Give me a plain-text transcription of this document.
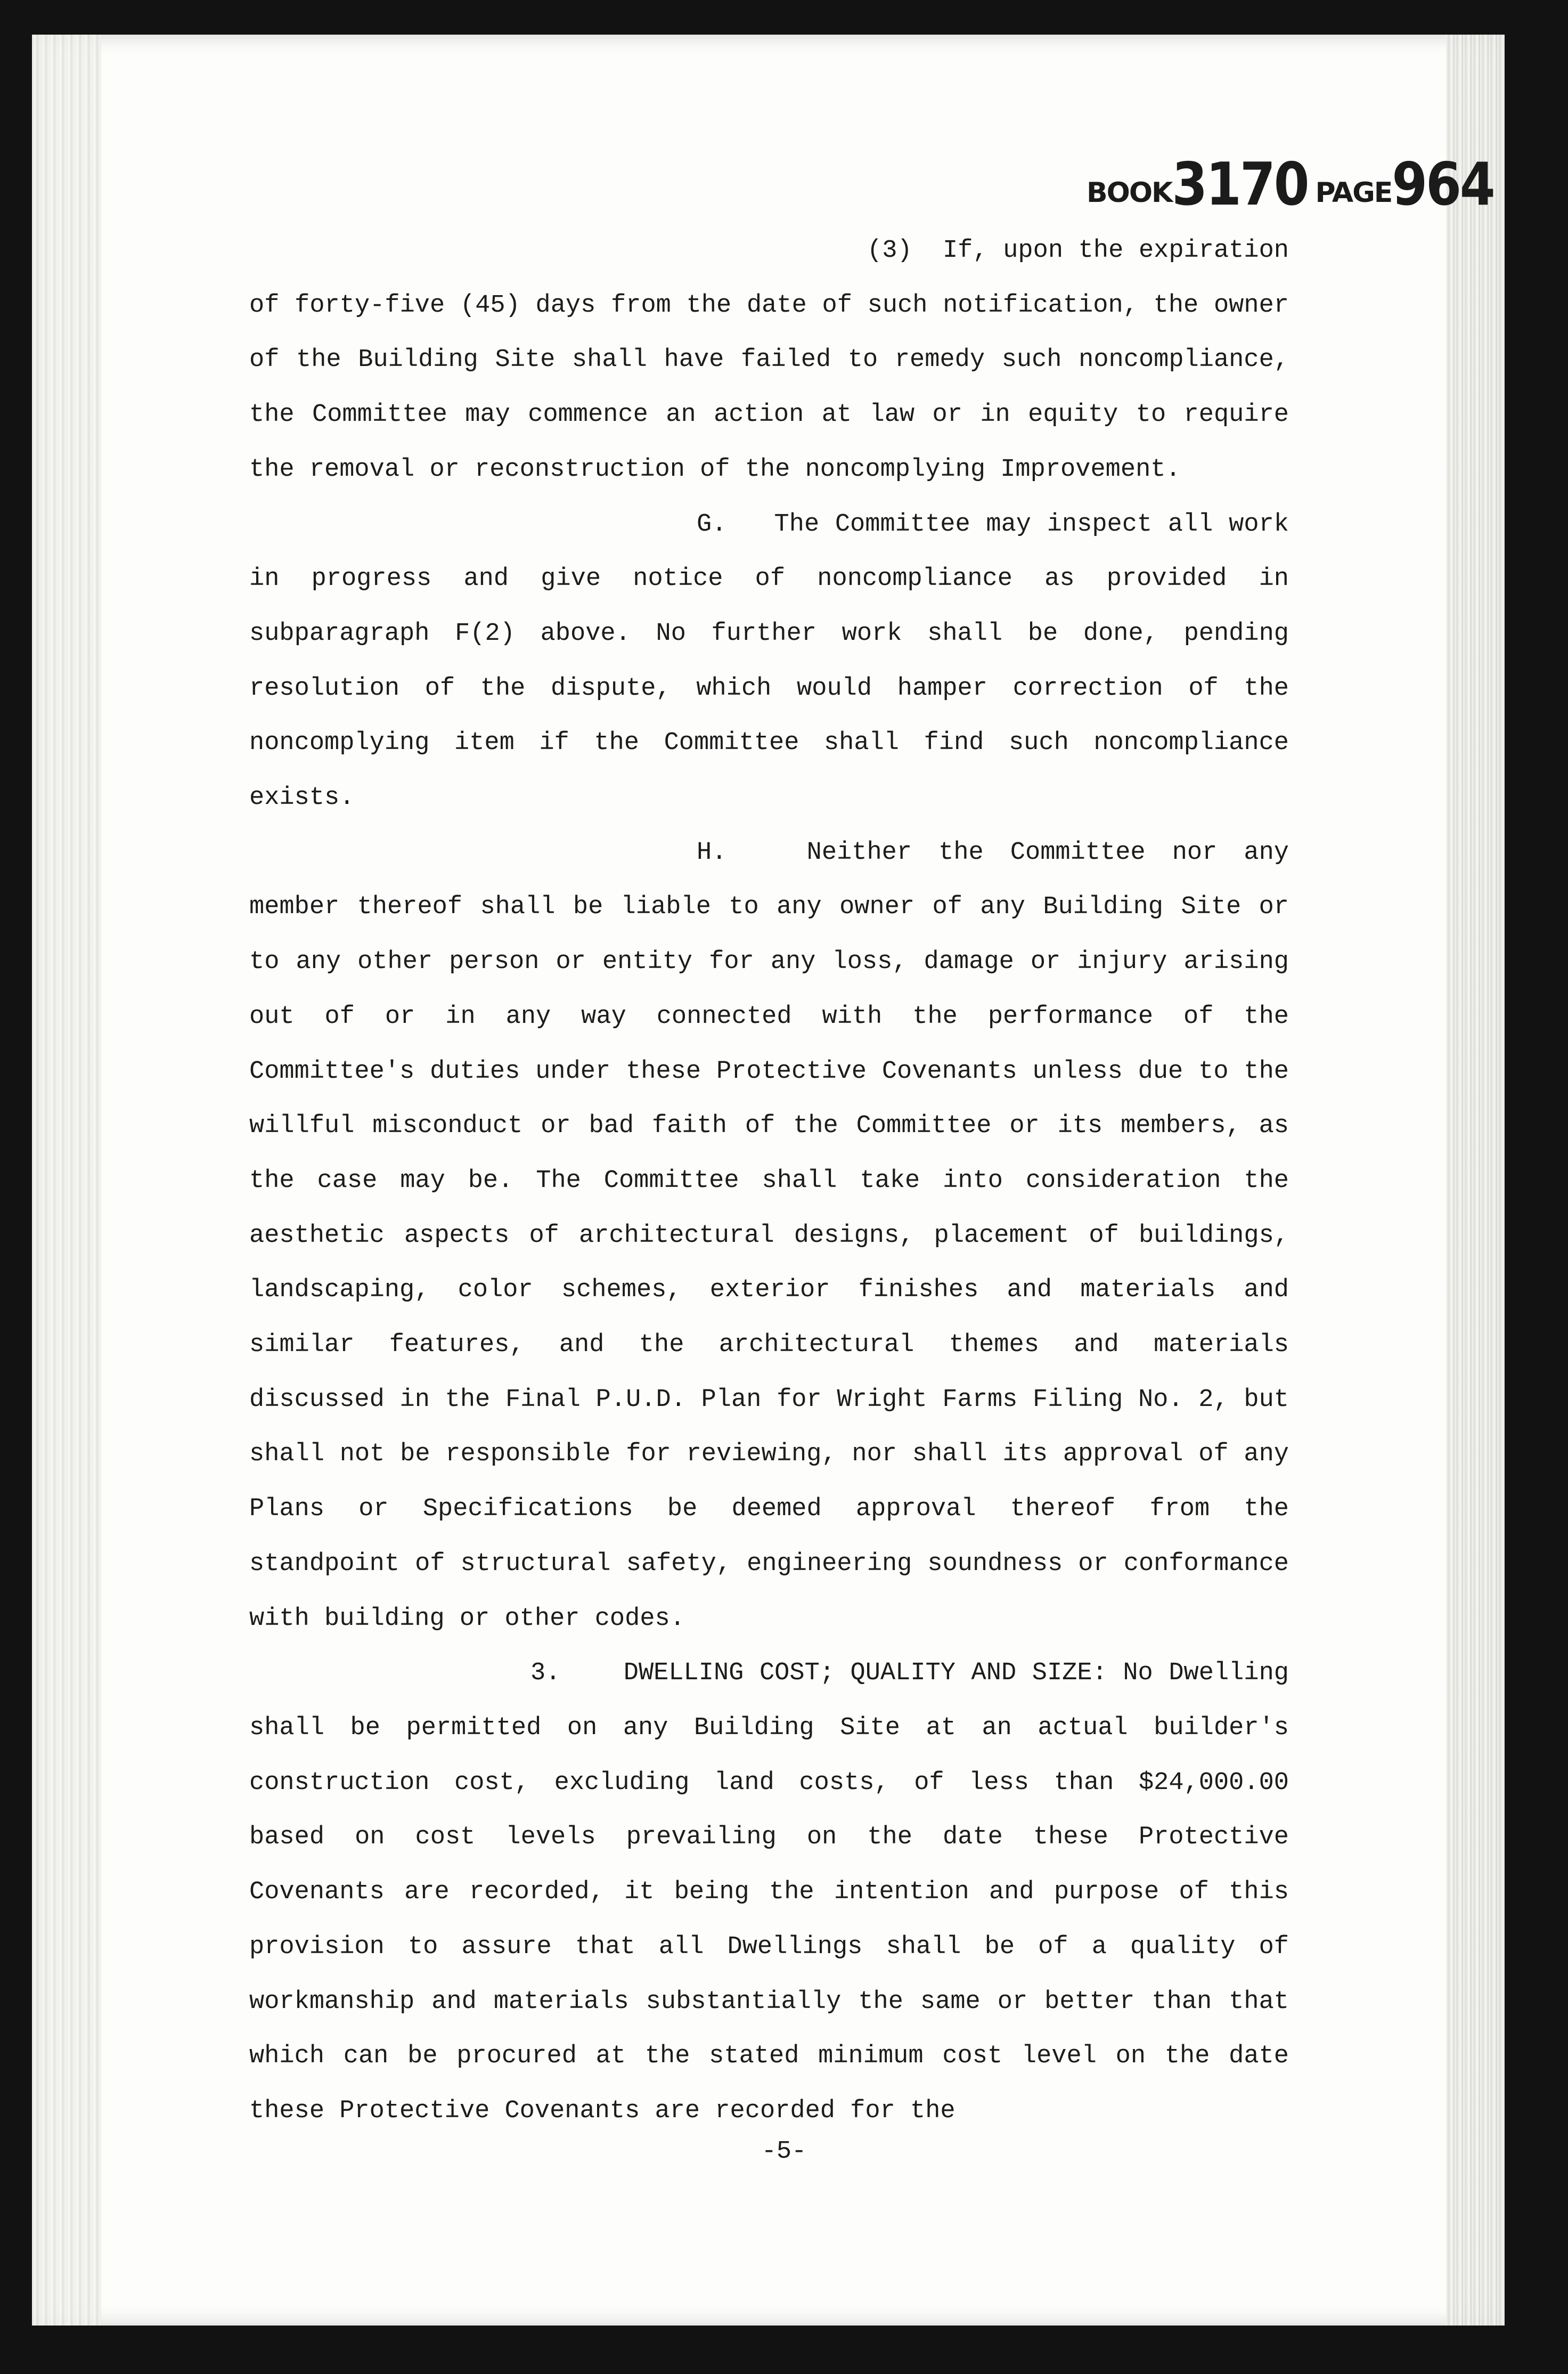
BOOK3170 PAGE964

(3) If, upon the expiration of forty-five (45) days from the date of such notification, the owner of the Building Site shall have failed to remedy such noncompliance, the Committee may commence an action at law or in equity to require the removal or reconstruction of the noncomplying Improvement.

G. The Committee may inspect all work in progress and give notice of noncompliance as provided in subparagraph F(2) above. No further work shall be done, pending resolution of the dispute, which would hamper correction of the noncomplying item if the Committee shall find such noncompliance exists.

H.	Neither the Committee nor any member thereof shall be liable to any owner of any Building Site or to any other person or entity for any loss, damage or injury arising out of or in any way connected with the performance of the Committee's duties under these Protective Covenants unless due to the willful misconduct or bad faith of the Committee or its members, as the case may be. The Committee shall take into consideration the aesthetic aspects of architectural designs, placement of buildings, landscaping, color schemes, exterior finishes and materials and similar features, and the architectural themes and materials discussed in the Final P.U.D. Plan for Wright Farms Filing No. 2, but shall not be responsible for reviewing, nor shall its approval of any Plans or Specifications be deemed approval thereof from the standpoint of structural safety, engineering soundness or conformance with building or other codes.

3.	DWELLING COST; QUALITY AND SIZE: No Dwelling shall be permitted on any Building Site at an actual builder's construction cost, excluding land costs, of less than $24,000.00 based on cost levels prevailing on the date these Protective Covenants are recorded, it being the intention and purpose of this provision to assure that all Dwellings shall be of a quality of workmanship and materials substantially the same or better than that which can be procured at the stated minimum cost level on the date these Protective Covenants are recorded for the

-5-
